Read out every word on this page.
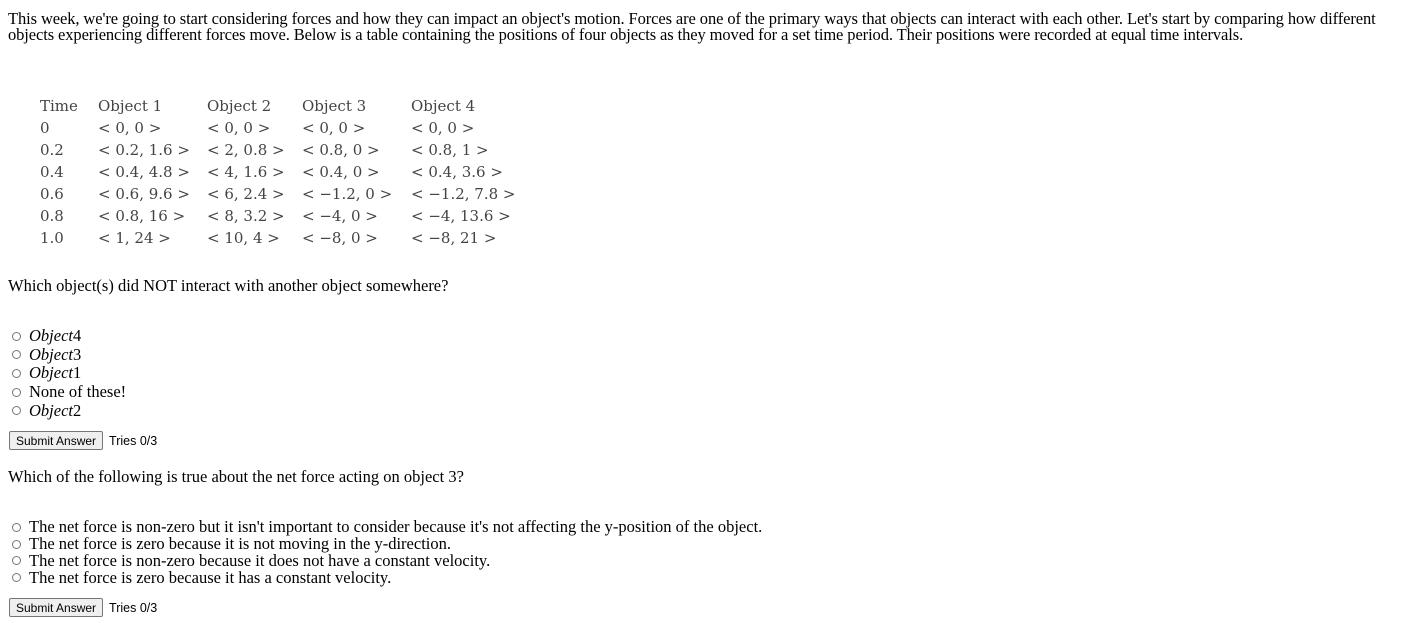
This week, we're going to start considering forces and how they can impact an object's motion. Forces are one of the primary ways that objects can interact with each other. Let's start by comparing how different objects experiencing different forces move. Below is a table containing the positions of four objects as they moved for a set time period. Their positions were recorded at equal time intervals.
Time	Object 1	Object 2	Object 3	Object 4
0	< 0, 0 >	< 0, 0 >	< 0, 0 >	< 0, 0 >
0.2	< 0.2, 1.6 >	< 2, 0.8 >	< 0.8, 0 >	< 0.8, 1 >
0.4	< 0.4, 4.8 >	< 4, 1.6 >	< 0.4, 0 >	< 0.4, 3.6 >
0.6	< 0.6, 9.6 >	< 6, 2.4 >	< −1.2, 0 >	< −1.2, 7.8 >
0.8	< 0.8, 16 >	< 8, 3.2 >	< −4, 0 >	< −4, 13.6 >
1.0	< 1, 24 >	< 10, 4 >	< −8, 0 >	< −8, 21 >
Which object(s) did NOT interact with another object somewhere?
Object4
Object3
Object1
None of these!
Object2
Submit Answer	Tries 0/3
Which of the following is true about the net force acting on object 3?
The net force is non-zero but it isn't important to consider because it's not affecting the y-position of the object.
The net force is zero because it is not moving in the y-direction.
The net force is non-zero because it does not have a constant velocity.
The net force is zero because it has a constant velocity.
Submit Answer	Tries 0/3
